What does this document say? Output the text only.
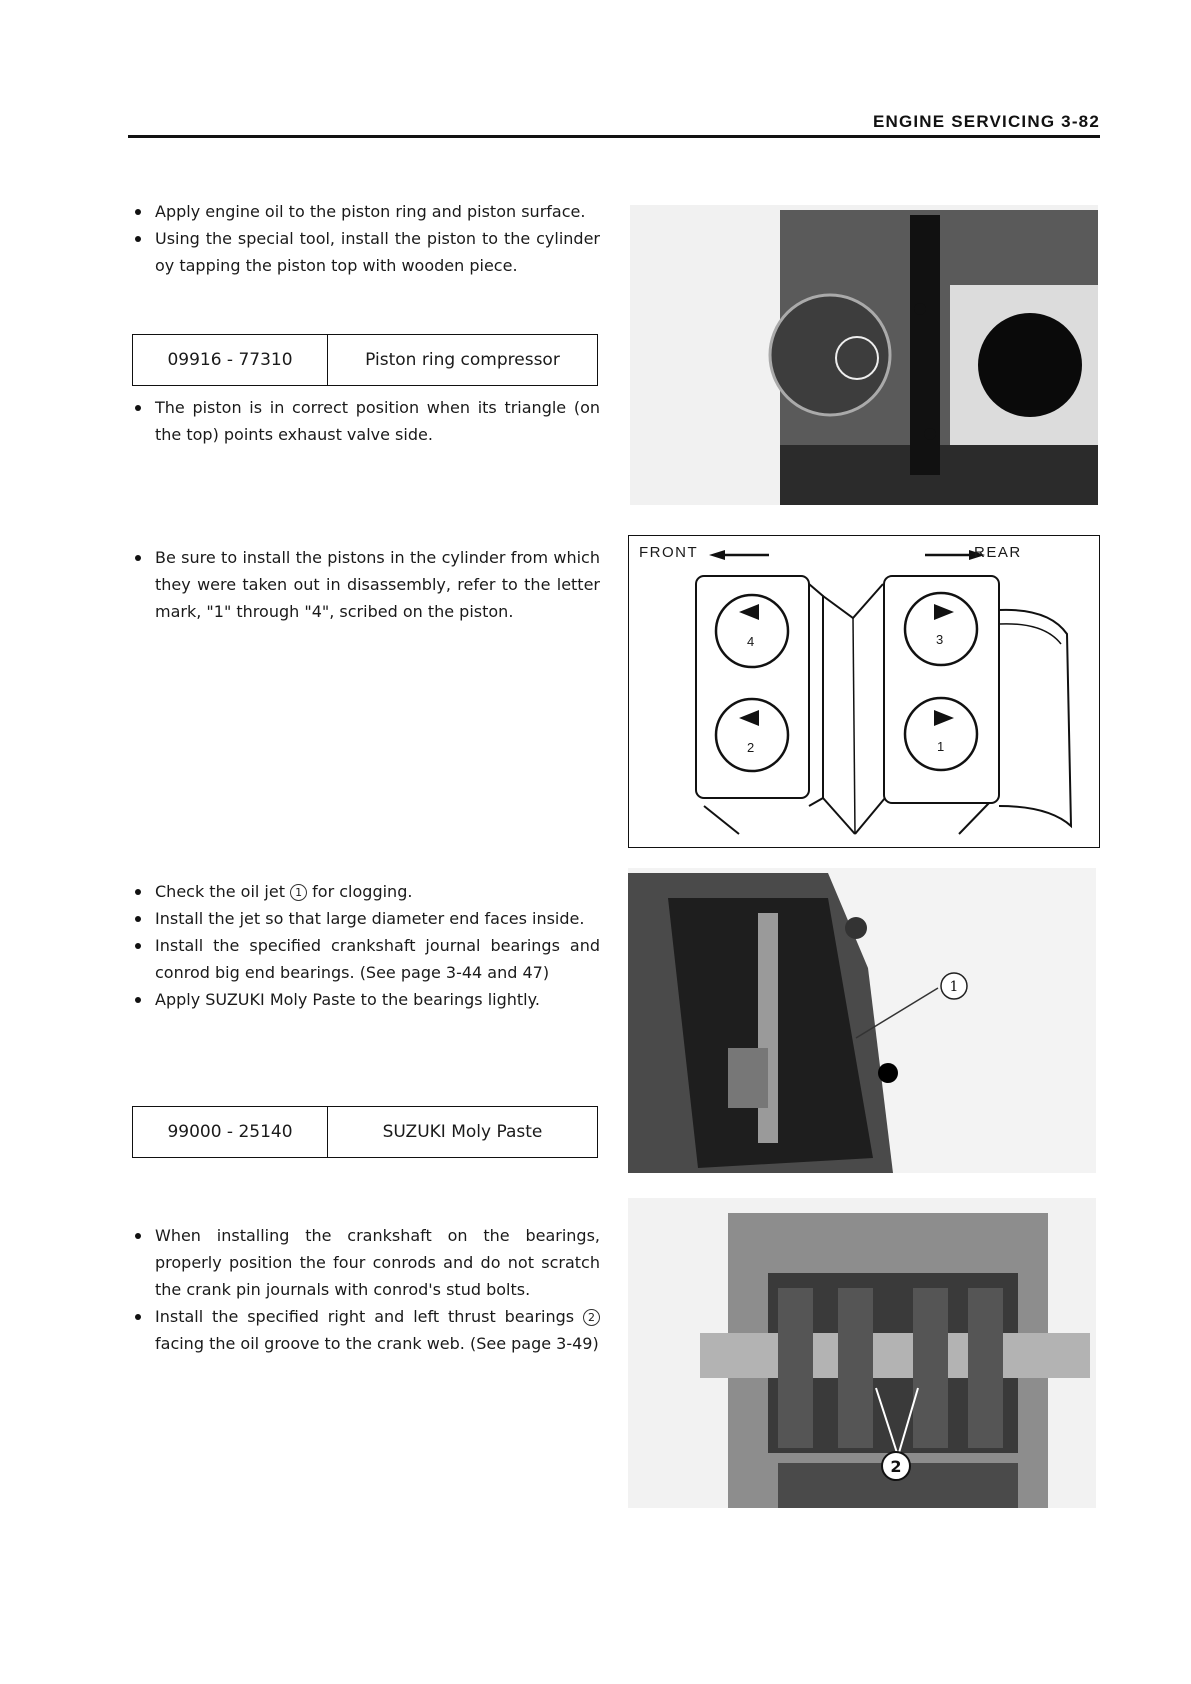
ENGINE SERVICING 3-82
Apply engine oil to the piston ring and piston surface.
Using the special tool, install the piston to the cylinder oy tapping the piston top with wooden piece.
09916 - 77310	Piston ring compressor
The piston is in correct position when its triangle (on the top) points exhaust valve side.
Be sure to install the pistons in the cylinder from which they were taken out in disassembly, refer to the letter mark, "1" through "4", scribed on the piston.
FRONT	REAR
4	3
2	1
Check the oil jet 1 for clogging.
Install the jet so that large diameter end faces inside.
Install the specified crankshaft journal bearings and conrod big end bearings. (See page 3-44 and 47)
Apply SUZUKI Moly Paste to the bearings lightly.
99000 - 25140	SUZUKI Moly Paste
1
When installing the crankshaft on the bearings, properly position the four conrods and do not scratch the crank pin journals with conrod's stud bolts.
Install the specified right and left thrust bearings 2 facing the oil groove to the crank web. (See page 3-49)
2
